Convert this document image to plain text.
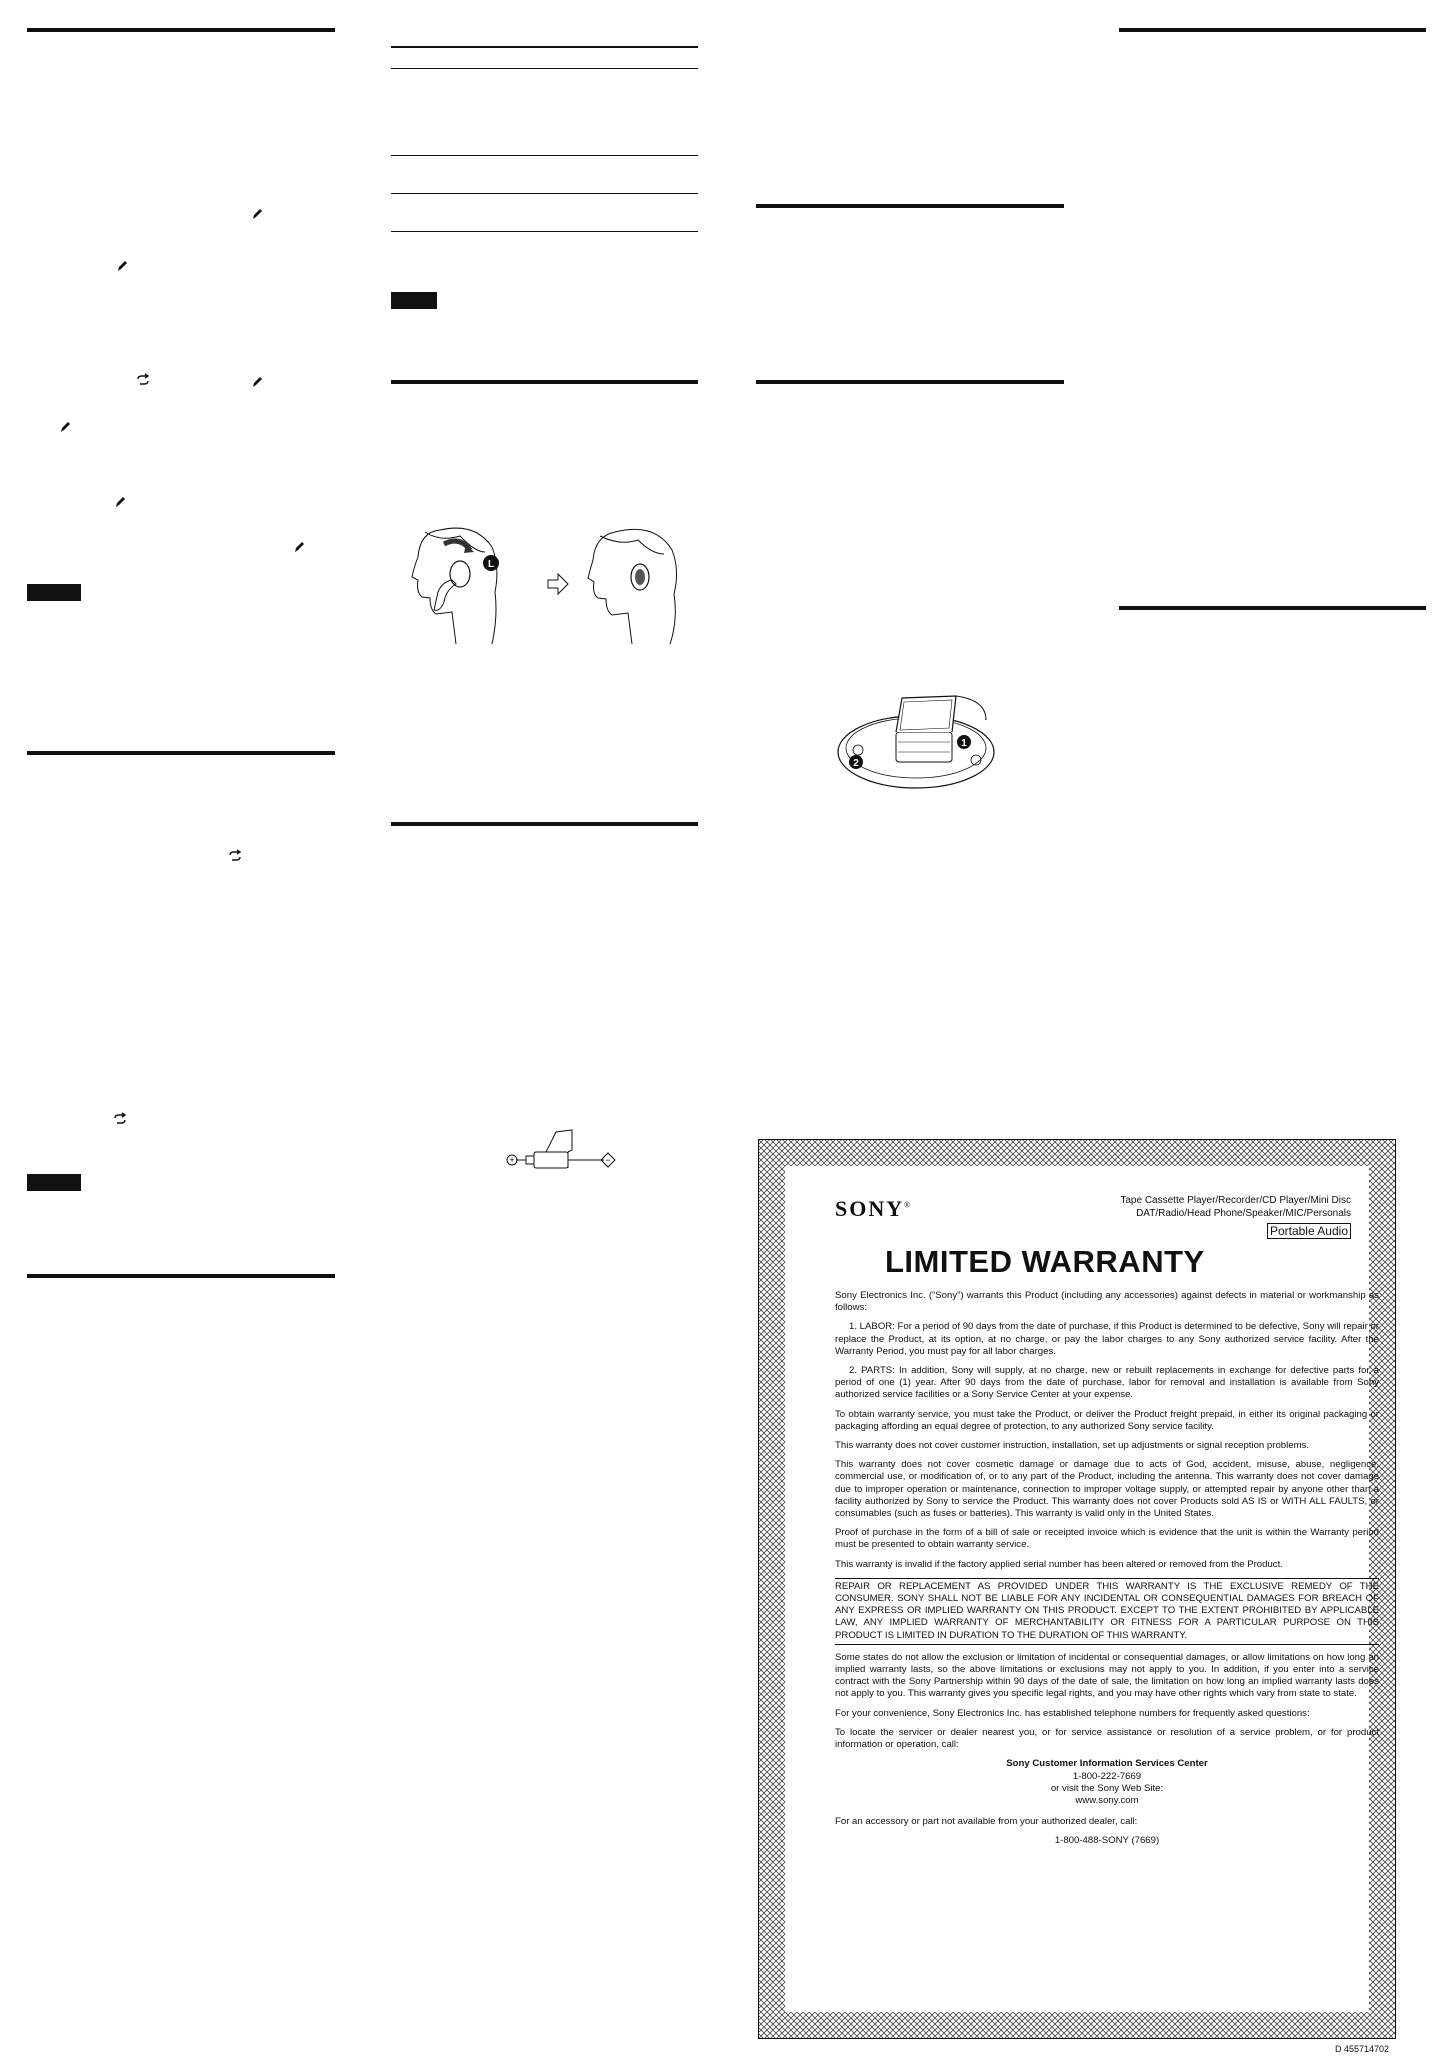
L
+	−
1
2
SONY®	Tape Cassette Player/Recorder/CD Player/Mini Disc
DAT/Radio/Head Phone/Speaker/MIC/Personals
Portable Audio
LIMITED WARRANTY

Sony Electronics Inc. (“Sony”) warrants this Product (including any accessories) against defects in material or workmanship as follows:

1. LABOR: For a period of 90 days from the date of purchase, if this Product is determined to be defective, Sony will repair or replace the Product, at its option, at no charge, or pay the labor charges to any Sony authorized service facility. After the Warranty Period, you must pay for all labor charges.

2. PARTS: In addition, Sony will supply, at no charge, new or rebuilt replacements in exchange for defective parts for a period of one (1) year. After 90 days from the date of purchase, labor for removal and installation is available from Sony authorized service facilities or a Sony Service Center at your expense.

To obtain warranty service, you must take the Product, or deliver the Product freight prepaid, in either its original packaging or packaging affording an equal degree of protection, to any authorized Sony service facility.

This warranty does not cover customer instruction, installation, set up adjustments or signal reception problems.

This warranty does not cover cosmetic damage or damage due to acts of God, accident, misuse, abuse, negligence, commercial use, or modification of, or to any part of the Product, including the antenna. This warranty does not cover damage due to improper operation or maintenance, connection to improper voltage supply, or attempted repair by anyone other than a facility authorized by Sony to service the Product. This warranty does not cover Products sold AS IS or WITH ALL FAULTS, or consumables (such as fuses or batteries). This warranty is valid only in the United States.

Proof of purchase in the form of a bill of sale or receipted invoice which is evidence that the unit is within the Warranty period must be presented to obtain warranty service.

This warranty is invalid if the factory applied serial number has been altered or removed from the Product.

REPAIR OR REPLACEMENT AS PROVIDED UNDER THIS WARRANTY IS THE EXCLUSIVE REMEDY OF THE CONSUMER. SONY SHALL NOT BE LIABLE FOR ANY INCIDENTAL OR CONSEQUENTIAL DAMAGES FOR BREACH OF ANY EXPRESS OR IMPLIED WARRANTY ON THIS PRODUCT. EXCEPT TO THE EXTENT PROHIBITED BY APPLICABLE LAW, ANY IMPLIED WARRANTY OF MERCHANTABILITY OR FITNESS FOR A PARTICULAR PURPOSE ON THIS PRODUCT IS LIMITED IN DURATION TO THE DURATION OF THIS WARRANTY.

Some states do not allow the exclusion or limitation of incidental or consequential damages, or allow limitations on how long an implied warranty lasts, so the above limitations or exclusions may not apply to you. In addition, if you enter into a service contract with the Sony Partnership within 90 days of the date of sale, the limitation on how long an implied warranty lasts does not apply to you. This warranty gives you specific legal rights, and you may have other rights which vary from state to state.

For your convenience, Sony Electronics Inc. has established telephone numbers for frequently asked questions:

To locate the servicer or dealer nearest you, or for service assistance or resolution of a service problem, or for product information or operation, call:

Sony Customer Information Services Center
1-800-222-7669
or visit the Sony Web Site:
www.sony.com

For an accessory or part not available from your authorized dealer, call:

1-800-488-SONY (7669)
D 455714702
